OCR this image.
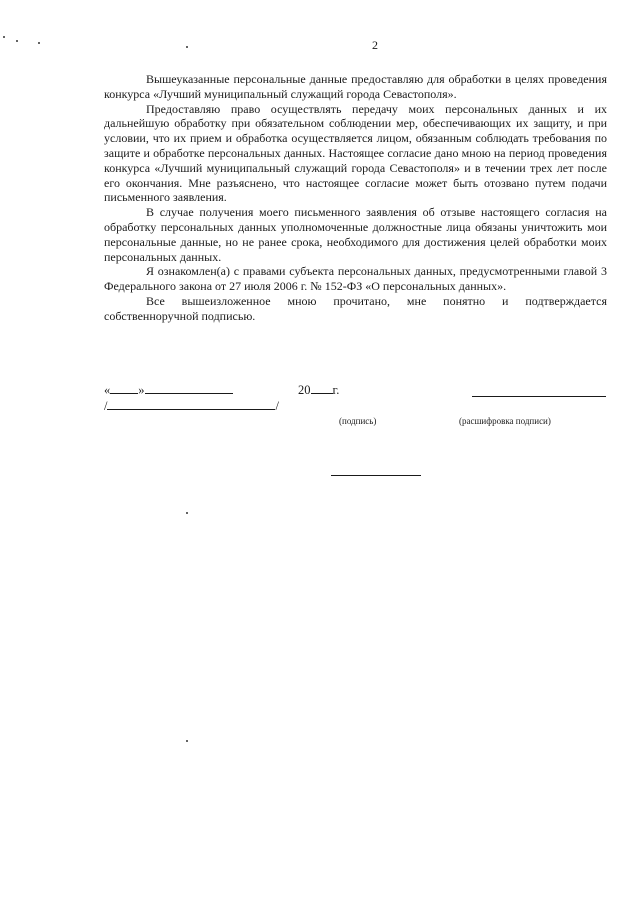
2

Вышеуказанные персональные данные предоставляю для обработки в целях проведения конкурса «Лучший муниципальный служащий города Севастополя».

Предоставляю право осуществлять передачу моих персональных данных и их дальнейшую обработку при обязательном соблюдении мер, обеспечивающих их защиту, и при условии, что их прием и обработка осуществляется лицом, обязанным соблюдать требования по защите и обработке персональных данных. Настоящее согласие дано мною на период проведения конкурса «Лучший муниципальный служащий города Севастополя» и в течении трех лет после его окончания. Мне разъяснено, что настоящее согласие может быть отозвано путем подачи письменного заявления.

В случае получения моего письменного заявления об отзыве настоящего согласия на обработку персональных данных уполномоченные должностные лица обязаны уничтожить мои персональные данные, но не ранее срока, необходимого для достижения целей обработки моих персональных данных.

Я ознакомлен(а) с правами субъекта персональных данных, предусмотренными главой 3 Федерального закона от 27 июля 2006 г. № 152-ФЗ «О персональных данных».

Все вышеизложенное мною прочитано, мне понятно и подтверждается собственноручной подписью.

« »	20 г.
/	/
(подпись)	(расшифровка подписи)
